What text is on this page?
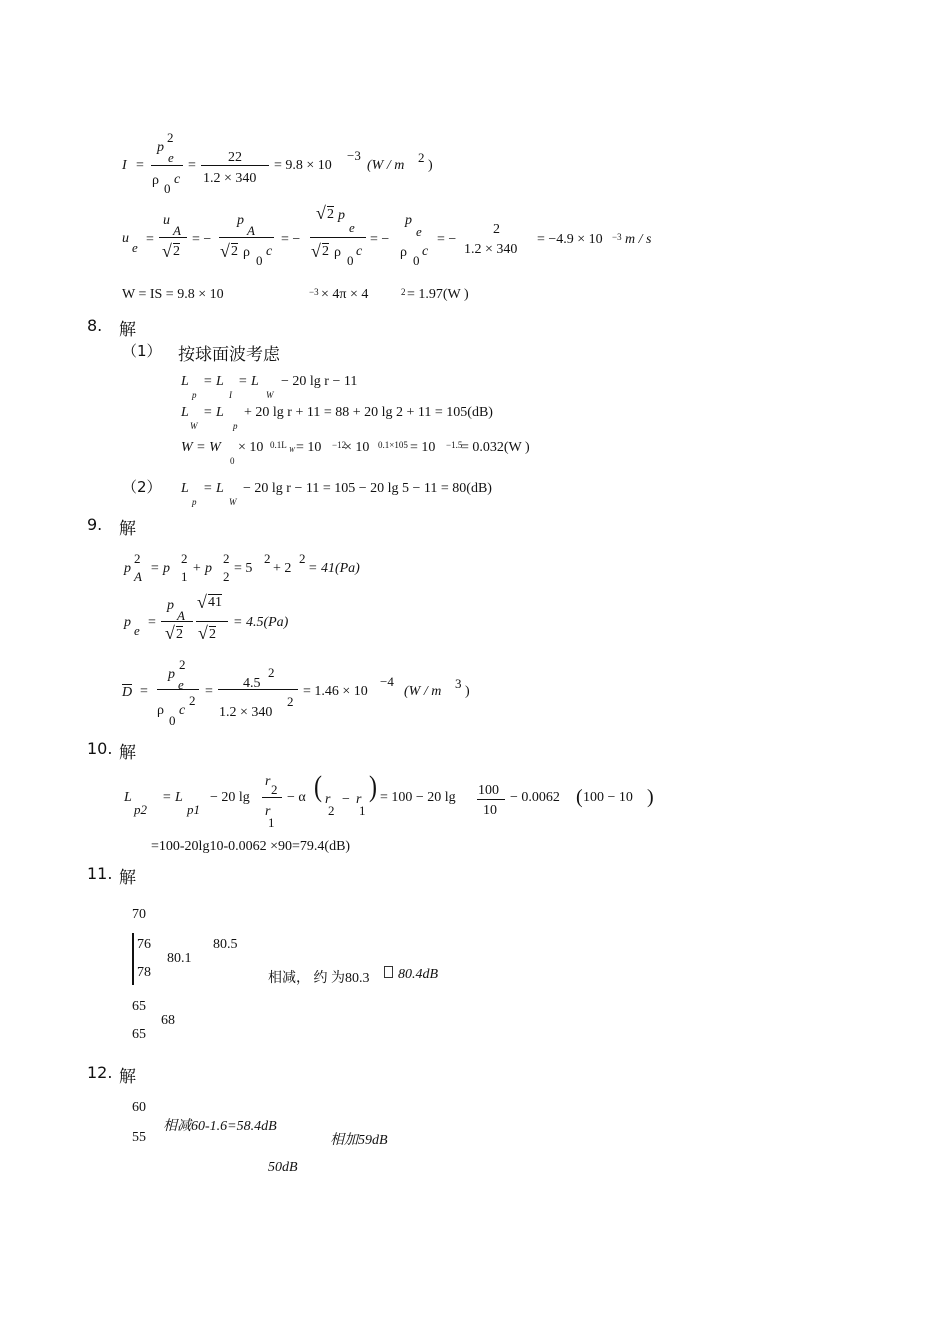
I =
p
2
e
ρ
0
c
=
22
1.2 × 340
= 9.8 × 10
−3
(W / m
2
)
u
e
=
u
A
√ 2
= −
p
A
√ 2 ρ
0
c
= −
√ 2 p
e
√ 2 ρ
0
c
= −
p
e
ρ
0
c
= −
2
1.2 × 340
= −4.9 × 10 −3 m / s
W = IS = 9.8 × 10	−3 × 4π × 4	2 = 1.97(W )
8. 解
（1） 按球面波考虑
L
p
= L
I
= L
W
− 20 lg r − 11
L
W
= L
p
+ 20 lg r + 11 = 88 + 20 lg 2 + 11 = 105(dB)
W = W
0
× 10 0.1L W = 10 −12
× 10 0.1×105 = 10 −1.5
= 0.032(W )
（2） L
p
= L
W
− 20 lg r − 11 = 105 − 20 lg 5 − 11 = 80(dB)
9. 解
p
2
A
= p
2
1
+ p
2
2
= 5
2
+ 2
2
= 41(Pa)
p
e
=
p
A
√ 2
√ 41
√ 2
= 4.5(Pa)
D =
p
2
e
ρ
0
c
2
=
4.5
2
1.2 × 340
2
= 1.46 × 10
−4
(W / m
3
)
10. 解
L
p2
= L
p1
− 20 lg
r
2
r
1
− α ( r
2
− r
1
) = 100 − 20 lg 100
10
− 0.0062 ( 100 − 10 )
=100-20lg10-0.0062 ×90=79.4(dB)
11. 解
70
76
78
80.1
80.5
相减， 约 为80.3 80.4dB
65
68
65
12. 解
60
55
相减60-1.6=58.4dB
相加59dB
50dB
